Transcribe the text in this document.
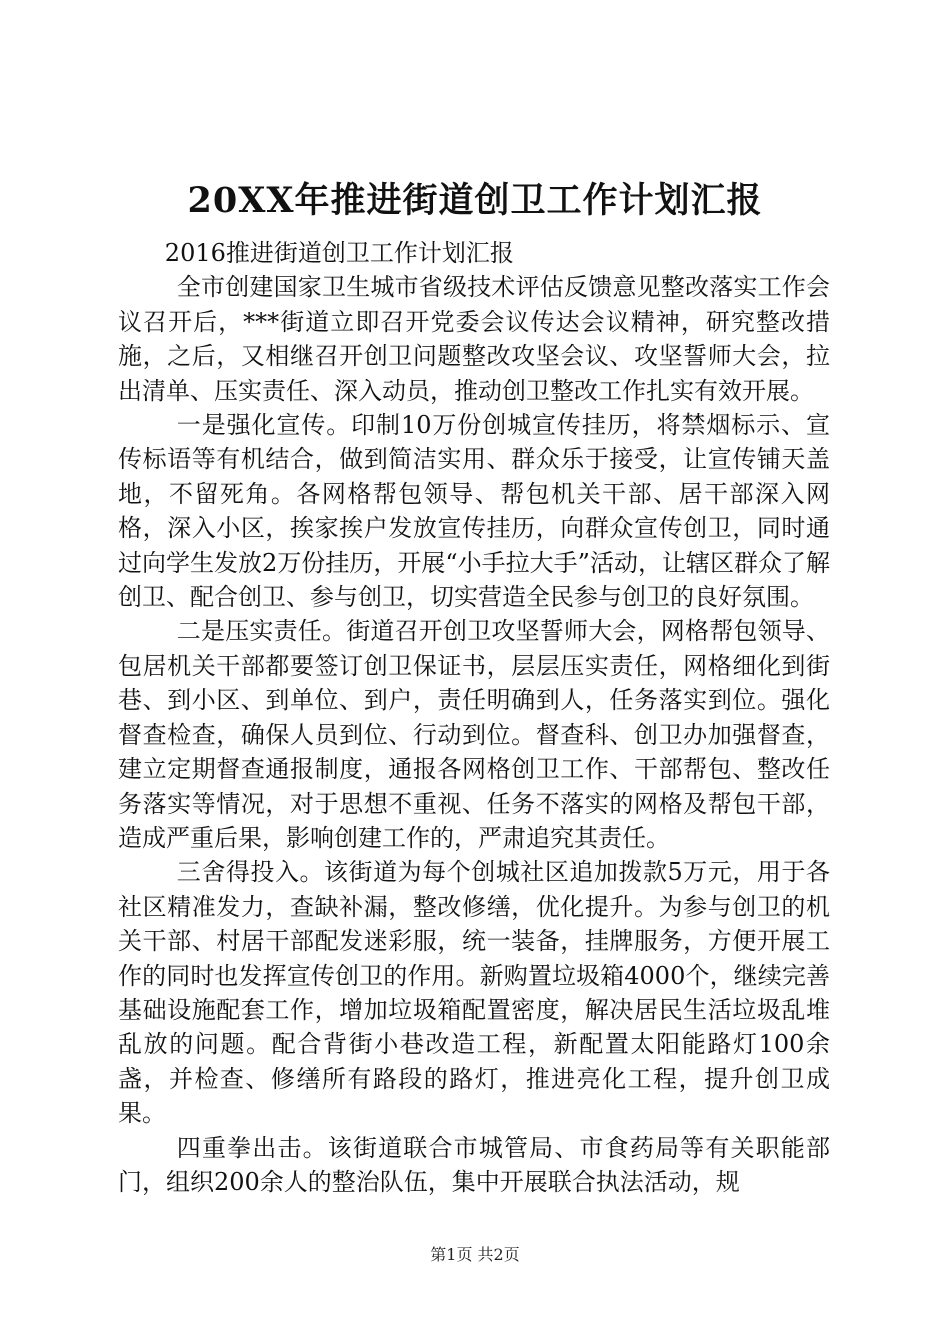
20XX年推进街道创卫工作计划汇报

2016推进街道创卫工作计划汇报

全市创建国家卫生城市省级技术评估反馈意见整改落实工作会议召开后，***街道立即召开党委会议传达会议精神，研究整改措施，之后，又相继召开创卫问题整改攻坚会议、攻坚誓师大会，拉出清单、压实责任、深入动员，推动创卫整改工作扎实有效开展。

一是强化宣传。印制10万份创城宣传挂历，将禁烟标示、宣传标语等有机结合，做到简洁实用、群众乐于接受，让宣传铺天盖地，不留死角。各网格帮包领导、帮包机关干部、居干部深入网格，深入小区，挨家挨户发放宣传挂历，向群众宣传创卫，同时通过向学生发放2万份挂历，开展“小手拉大手”活动，让辖区群众了解创卫、配合创卫、参与创卫，切实营造全民参与创卫的良好氛围。

二是压实责任。街道召开创卫攻坚誓师大会，网格帮包领导、包居机关干部都要签订创卫保证书，层层压实责任，网格细化到街巷、到小区、到单位、到户，责任明确到人，任务落实到位。强化督查检查，确保人员到位、行动到位。督查科、创卫办加强督查，建立定期督查通报制度，通报各网格创卫工作、干部帮包、整改任务落实等情况，对于思想不重视、任务不落实的网格及帮包干部，造成严重后果，影响创建工作的，严肃追究其责任。

三舍得投入。该街道为每个创城社区追加拨款5万元，用于各社区精准发力，查缺补漏，整改修缮，优化提升。为参与创卫的机关干部、村居干部配发迷彩服，统一装备，挂牌服务，方便开展工作的同时也发挥宣传创卫的作用。新购置垃圾箱4000个，继续完善基础设施配套工作，增加垃圾箱配置密度，解决居民生活垃圾乱堆乱放的问题。配合背街小巷改造工程，新配置太阳能路灯100余盏，并检查、修缮所有路段的路灯，推进亮化工程，提升创卫成果。

四重拳出击。该街道联合市城管局、市食药局等有关职能部门，组织200余人的整治队伍，集中开展联合执法活动，规

第1页 共2页
